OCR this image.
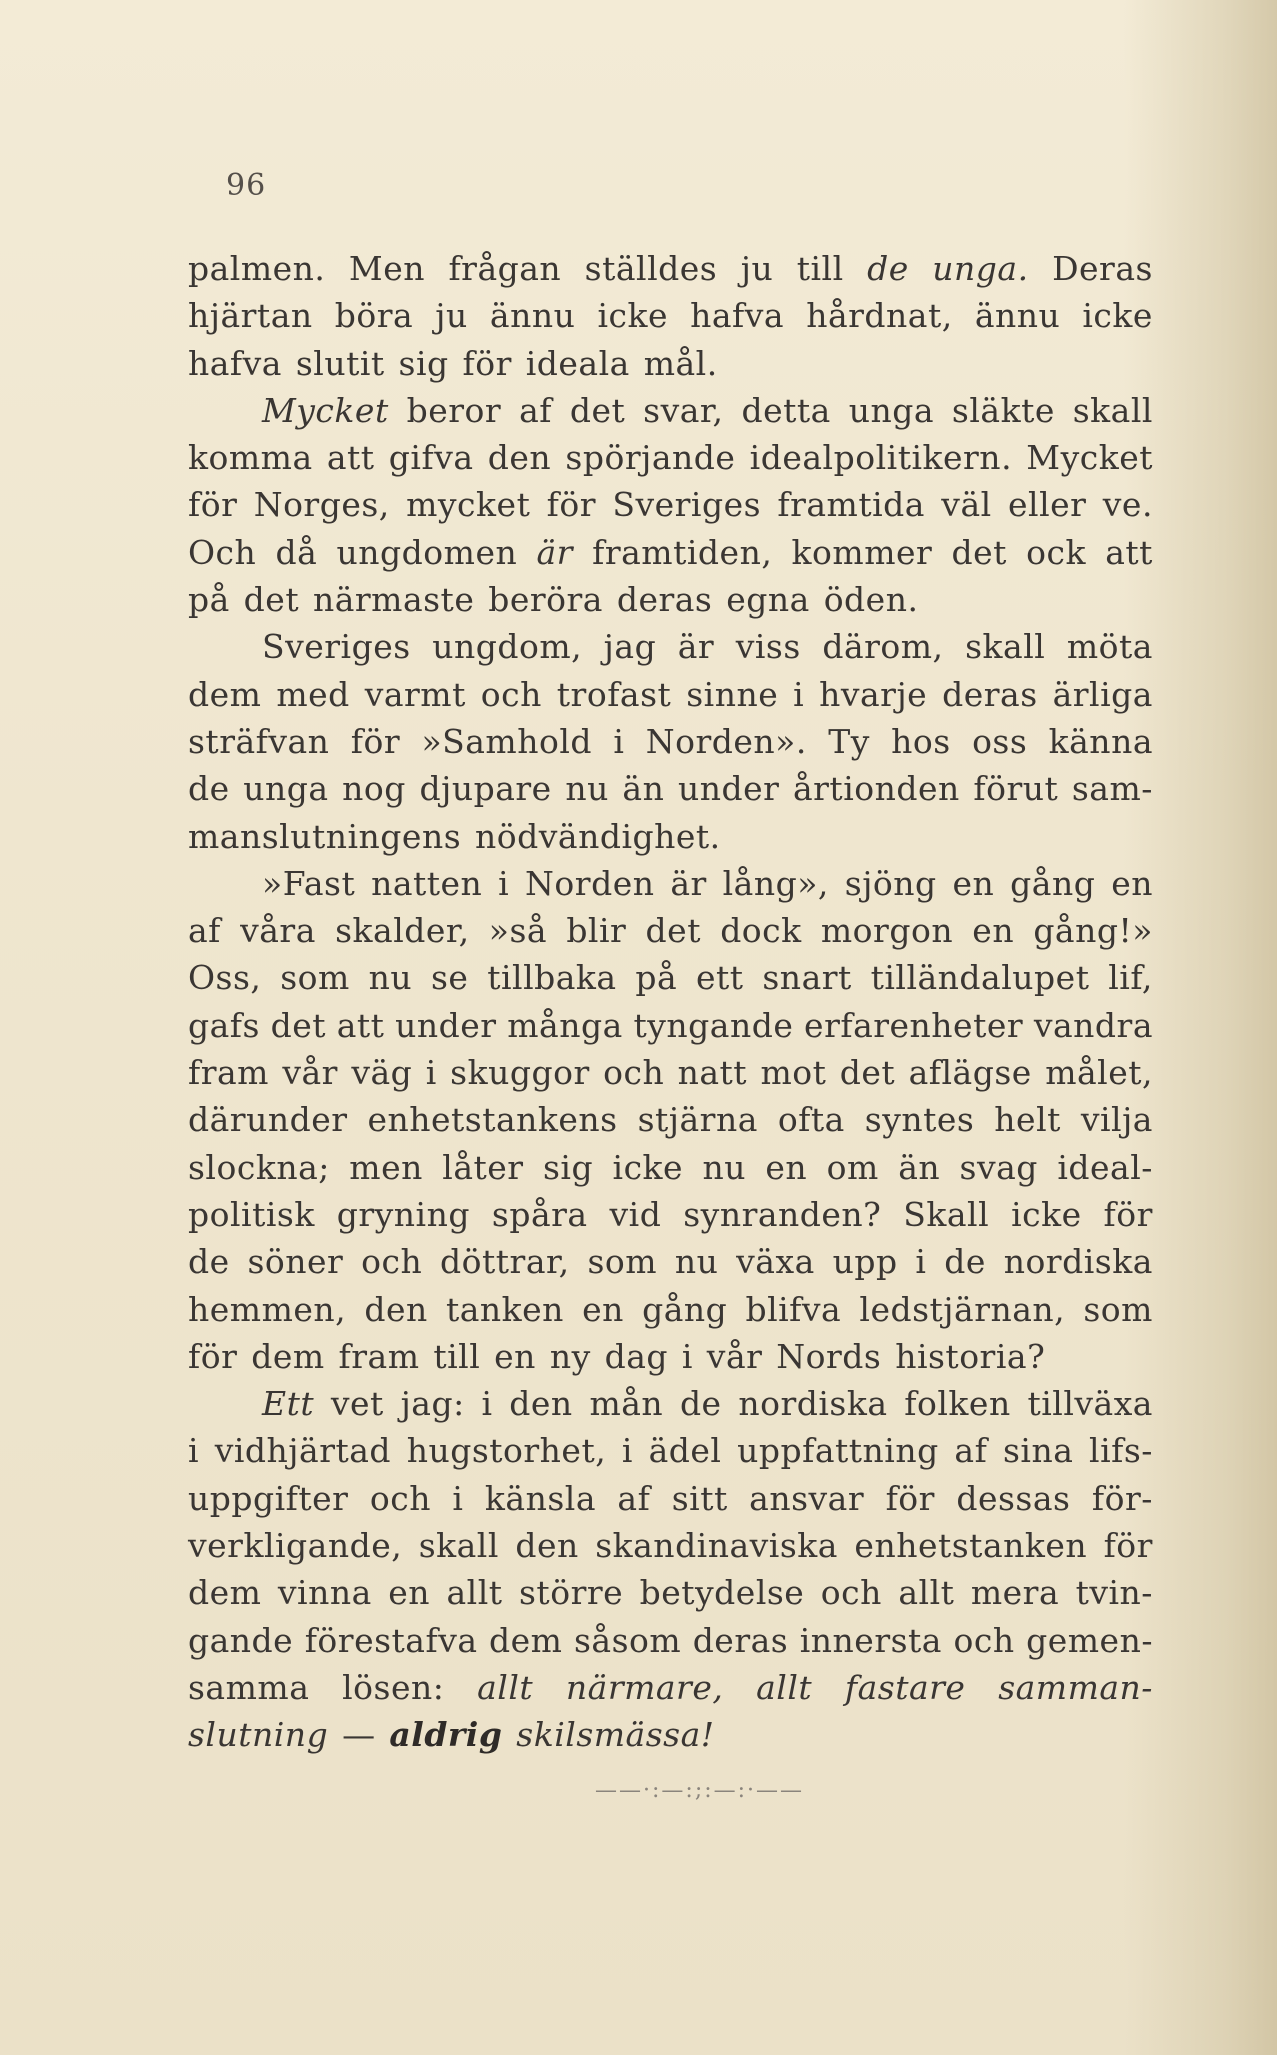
96
palmen. Men frågan ställdes ju till de unga. Deras
hjärtan böra ju ännu icke hafva hårdnat, ännu icke
hafva slutit sig för ideala mål.
Mycket beror af det svar, detta unga släkte skall
komma att gifva den spörjande idealpolitikern. Mycket
för Norges, mycket för Sveriges framtida väl eller ve.
Och då ungdomen är framtiden, kommer det ock att
på det närmaste beröra deras egna öden.
Sveriges ungdom, jag är viss därom, skall möta
dem med varmt och trofast sinne i hvarje deras ärliga
sträfvan för »Samhold i Norden». Ty hos oss känna
de unga nog djupare nu än under årtionden förut sam-
manslutningens nödvändighet.
»Fast natten i Norden är lång», sjöng en gång en
af våra skalder, »så blir det dock morgon en gång!»
Oss, som nu se tillbaka på ett snart tilländalupet lif,
gafs det att under många tyngande erfarenheter vandra
fram vår väg i skuggor och natt mot det aflägse målet,
därunder enhetstankens stjärna ofta syntes helt vilja
slockna; men låter sig icke nu en om än svag ideal-
politisk gryning spåra vid synranden? Skall icke för
de söner och döttrar, som nu växa upp i de nordiska
hemmen, den tanken en gång blifva ledstjärnan, som
för dem fram till en ny dag i vår Nords historia?
Ett vet jag: i den mån de nordiska folken tillväxa
i vidhjärtad hugstorhet, i ädel uppfattning af sina lifs-
uppgifter och i känsla af sitt ansvar för dessas för-
verkligande, skall den skandinaviska enhetstanken för
dem vinna en allt större betydelse och allt mera tvin-
gande förestafva dem såsom deras innersta och gemen-
samma lösen: allt närmare, allt fastare samman-
slutning — aldrig skilsmässa!
——·:—:;:—:·——
